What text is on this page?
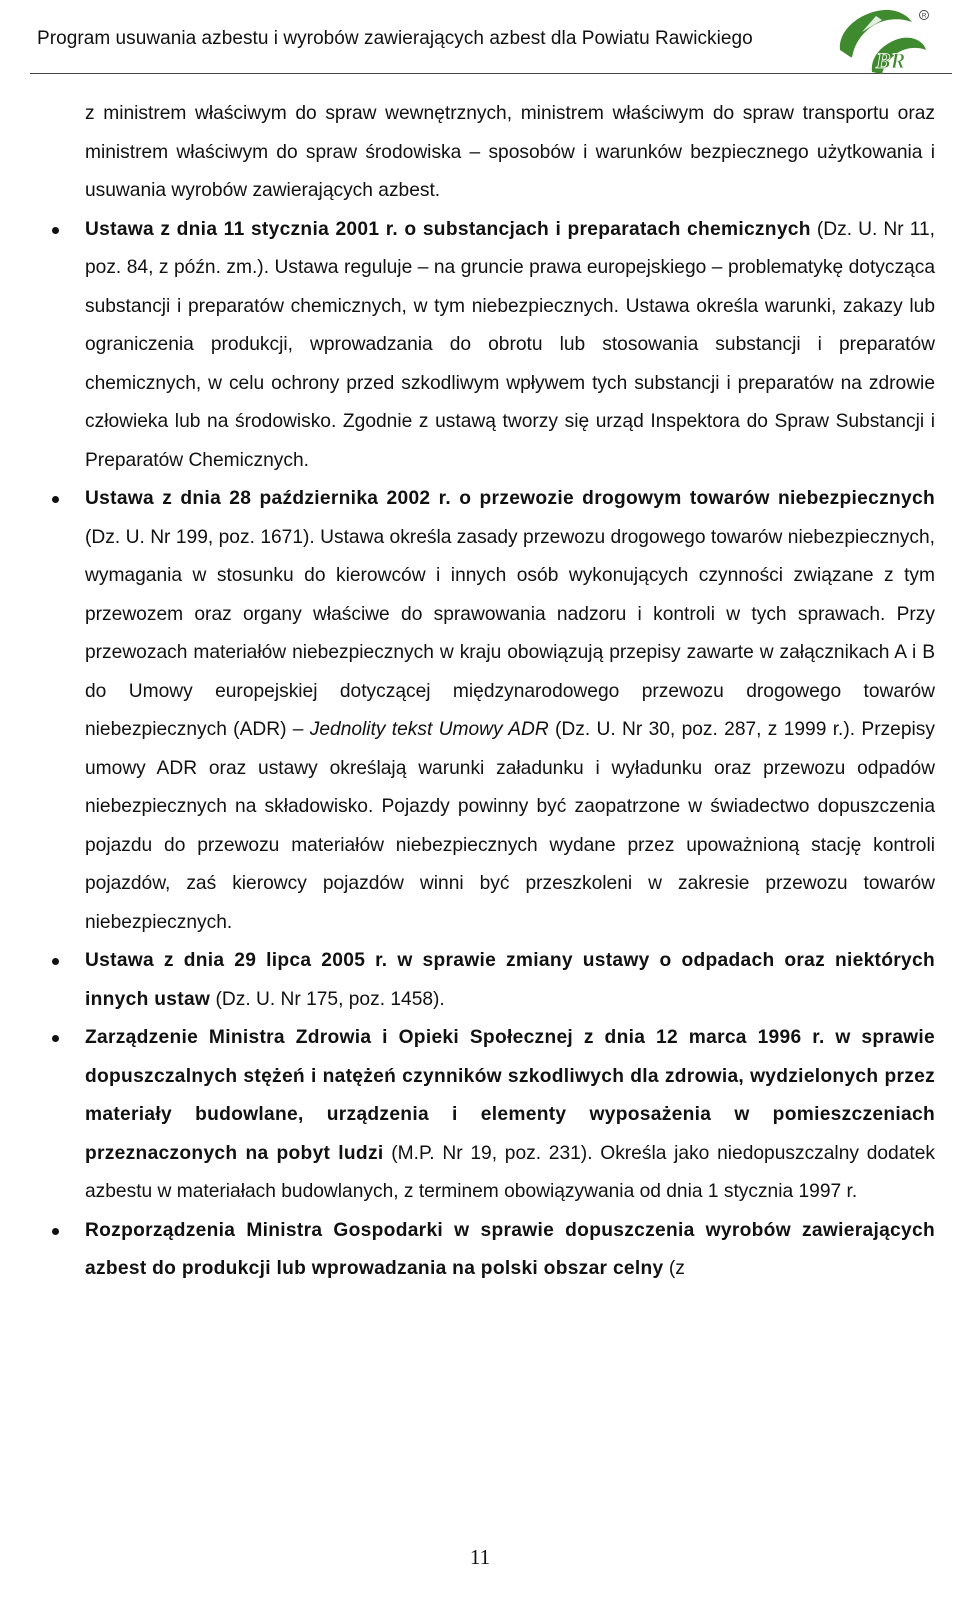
Program usuwania azbestu i wyrobów zawierających azbest dla Powiatu Rawickiego
BR
R

z ministrem właściwym do spraw wewnętrznych, ministrem właściwym do spraw transportu oraz ministrem właściwym do spraw środowiska – sposobów i warunków bezpiecznego użytkowania i usuwania wyrobów zawierających azbest.

Ustawa z dnia 11 stycznia 2001 r. o substancjach i preparatach chemicznych (Dz. U. Nr 11, poz. 84, z późn. zm.). Ustawa reguluje – na gruncie prawa europejskiego – problematykę dotycząca substancji i preparatów chemicznych, w tym niebezpiecznych. Ustawa określa warunki, zakazy lub ograniczenia produkcji, wprowadzania do obrotu lub stosowania substancji i preparatów chemicznych, w celu ochrony przed szkodliwym wpływem tych substancji i preparatów na zdrowie człowieka lub na środowisko. Zgodnie z ustawą tworzy się urząd Inspektora do Spraw Substancji i Preparatów Chemicznych.

Ustawa z dnia 28 października 2002 r. o przewozie drogowym towarów niebezpiecznych (Dz. U. Nr 199, poz. 1671). Ustawa określa zasady przewozu drogowego towarów niebezpiecznych, wymagania w stosunku do kierowców i innych osób wykonujących czynności związane z tym przewozem oraz organy właściwe do sprawowania nadzoru i kontroli w tych sprawach. Przy przewozach materiałów niebezpiecznych w kraju obowiązują przepisy zawarte w załącznikach A i B do Umowy europejskiej dotyczącej międzynarodowego przewozu drogowego towarów niebezpiecznych (ADR) – Jednolity tekst Umowy ADR (Dz. U. Nr 30, poz. 287, z 1999 r.). Przepisy umowy ADR oraz ustawy określają warunki załadunku i wyładunku oraz przewozu odpadów niebezpiecznych na składowisko. Pojazdy powinny być zaopatrzone w świadectwo dopuszczenia pojazdu do przewozu materiałów niebezpiecznych wydane przez upoważnioną stację kontroli pojazdów, zaś kierowcy pojazdów winni być przeszkoleni w zakresie przewozu towarów niebezpiecznych.

Ustawa z dnia 29 lipca 2005 r. w sprawie zmiany ustawy o odpadach oraz niektórych innych ustaw (Dz. U. Nr 175, poz. 1458).

Zarządzenie Ministra Zdrowia i Opieki Społecznej z dnia 12 marca 1996 r. w sprawie dopuszczalnych stężeń i natężeń czynników szkodliwych dla zdrowia, wydzielonych przez materiały budowlane, urządzenia i elementy wyposażenia w pomieszczeniach przeznaczonych na pobyt ludzi (M.P. Nr 19, poz. 231). Określa jako niedopuszczalny dodatek azbestu w materiałach budowlanych, z terminem obowiązywania od dnia 1 stycznia 1997 r.

Rozporządzenia Ministra Gospodarki w sprawie dopuszczenia wyrobów zawierających azbest do produkcji lub wprowadzania na polski obszar celny (z

11
